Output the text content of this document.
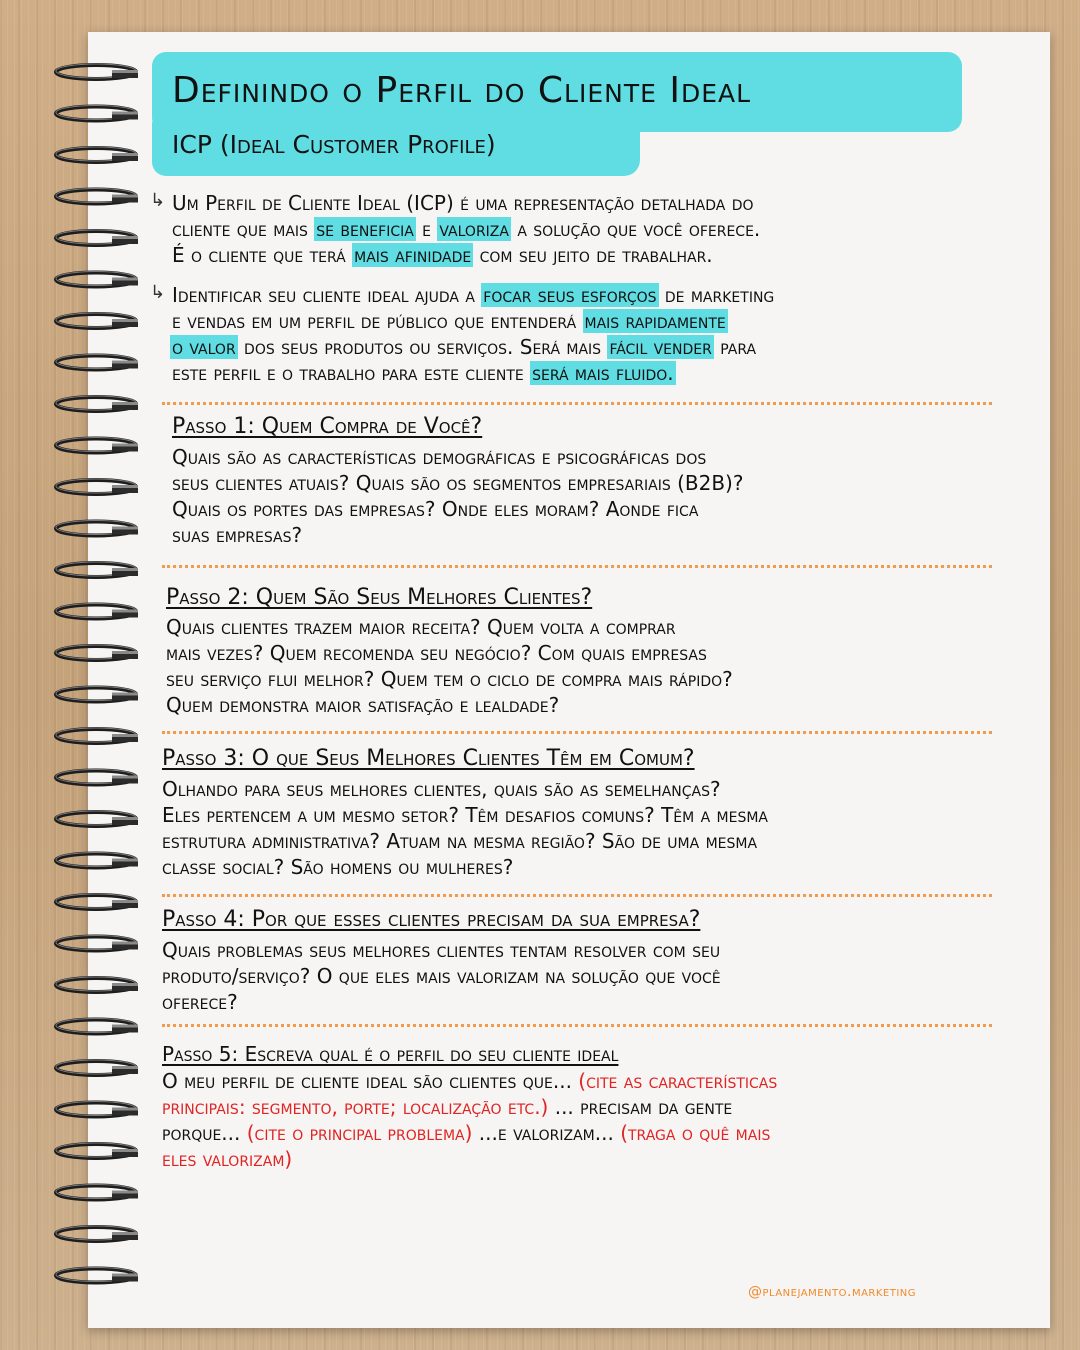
Definindo o Perfil do Cliente Ideal
ICP (Ideal Customer Profile)
↳ Um Perfil de Cliente Ideal (ICP) é uma representação detalhada do
cliente que mais se beneficia e valoriza a solução que você oferece.
É o cliente que terá mais afinidade com seu jeito de trabalhar.
↳ Identificar seu cliente ideal ajuda a focar seus esforços de marketing
e vendas em um perfil de público que entenderá mais rapidamente
o valor dos seus produtos ou serviços. Será mais fácil vender para
este perfil e o trabalho para este cliente será mais fluido.
Passo 1: Quem Compra de Você?
Quais são as características demográficas e psicográficas dos
seus clientes atuais? Quais são os segmentos empresariais (B2B)?
Quais os portes das empresas? Onde eles moram? Aonde fica
suas empresas?
Passo 2: Quem São Seus Melhores Clientes?
Quais clientes trazem maior receita? Quem volta a comprar
mais vezes? Quem recomenda seu negócio? Com quais empresas
seu serviço flui melhor? Quem tem o ciclo de compra mais rápido?
Quem demonstra maior satisfação e lealdade?
Passo 3: O que Seus Melhores Clientes Têm em Comum?
Olhando para seus melhores clientes, quais são as semelhanças?
Eles pertencem a um mesmo setor? Têm desafios comuns? Têm a mesma
estrutura administrativa? Atuam na mesma região? São de uma mesma
classe social? São homens ou mulheres?
Passo 4: Por que esses clientes precisam da sua empresa?
Quais problemas seus melhores clientes tentam resolver com seu
produto/serviço? O que eles mais valorizam na solução que você
oferece?
Passo 5: Escreva qual é o perfil do seu cliente ideal
O meu perfil de cliente ideal são clientes que... (cite as características
principais: segmento, porte; localização etc.) ... precisam da gente
porque... (cite o principal problema) ...e valorizam... (traga o quê mais
eles valorizam)
@planejamento.marketing
